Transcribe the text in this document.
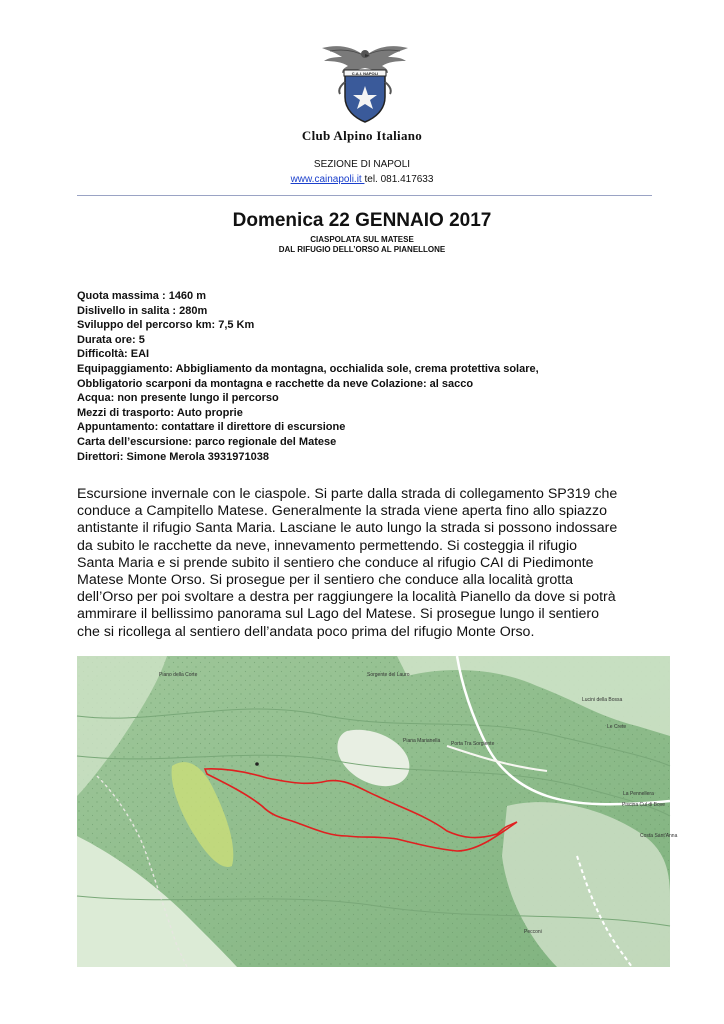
C.A.I. NAPOLI
Club Alpino Italiano
SEZIONE DI NAPOLI
www.cainapoli.it tel. 081.417633
Domenica 22 GENNAIO 2017
CIASPOLATA SUL MATESE
DAL RIFUGIO DELL’ORSO AL PIANELLONE
Quota massima : 1460 m
Dislivello in salita : 280m
Sviluppo del percorso km: 7,5 Km
Durata ore: 5
Difficoltà: EAI
Equipaggiamento: Abbigliamento da montagna, occhialida sole, crema protettiva solare,
Obbligatorio scarponi da montagna e racchette da neve Colazione: al sacco
Acqua: non presente lungo il percorso
Mezzi di trasporto: Auto proprie
Appuntamento: contattare il direttore di escursione
Carta dell’escursione: parco regionale del Matese
Direttori: Simone Merola 3931971038
Escursione invernale con le ciaspole. Si parte dalla strada di collegamento SP319 che
conduce a Campitello Matese. Generalmente la strada viene aperta fino allo spiazzo
antistante il rifugio Santa Maria. Lasciane le auto lungo la strada si possono indossare
da subito le racchette da neve, innevamento permettendo. Si costeggia il rifugio
Santa Maria e si prende subito il sentiero che conduce al rifugio CAI di Piedimonte
Matese Monte Orso. Si prosegue per il sentiero che conduce alla località grotta
dell’Orso per poi svoltare a destra per raggiungere la località Pianello da dove si potrà
ammirare il bellissimo panorama sul Lago del Matese. Si prosegue lungo il sentiero
che si ricollega al sentiero dell’andata poco prima del rifugio Monte Orso.
Piano della Corte	Sorgente del Lauro
Lucini della Bossa
Le Crete
Piana Marianella Porta Tra Sorgiente
La Pennellera
Piscina Cul di Bove
Costa Sant'Anna
Pecconi
